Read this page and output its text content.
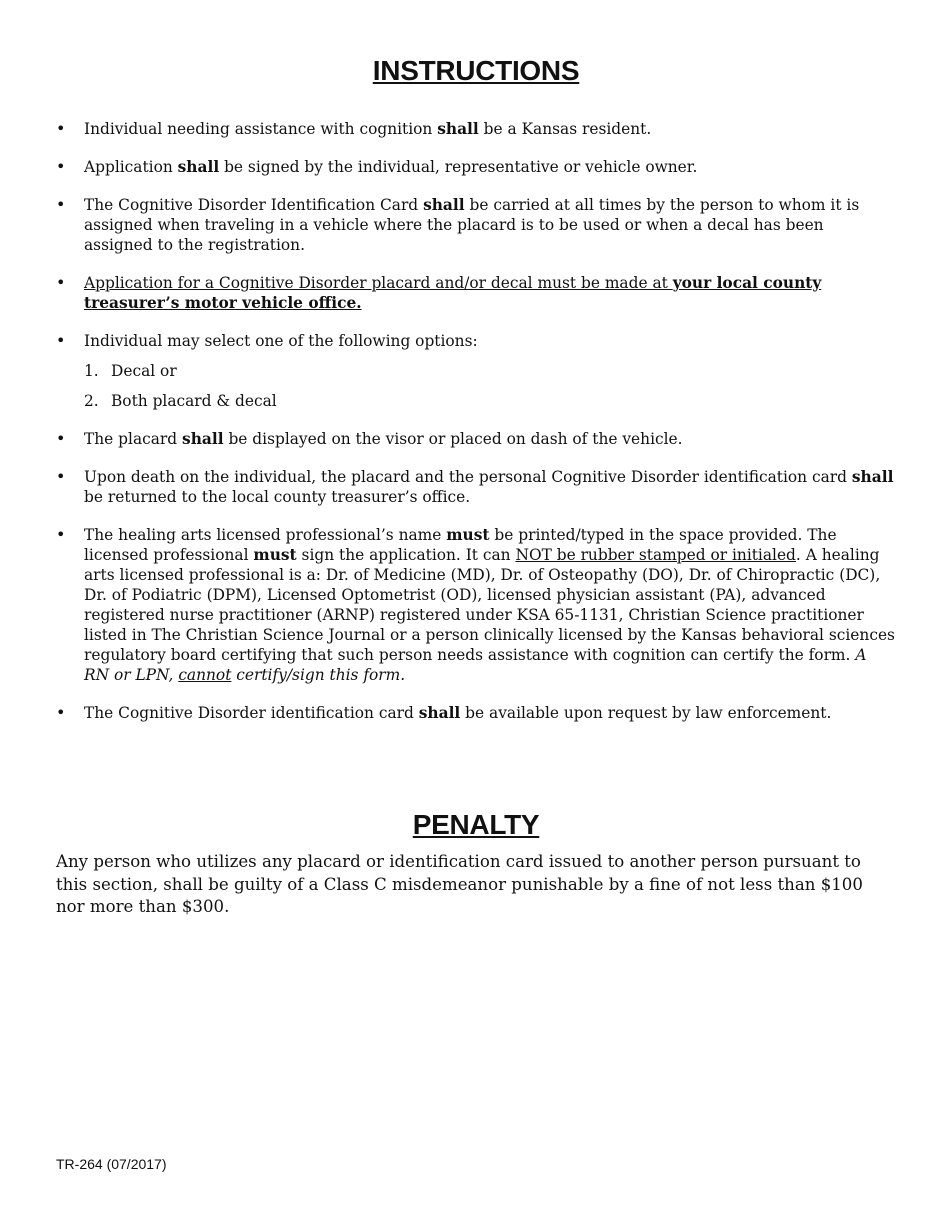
INSTRUCTIONS
• Individual needing assistance with cognition shall be a Kansas resident.
• Application shall be signed by the individual, representative or vehicle owner.
• The Cognitive Disorder Identification Card shall be carried at all times by the person to whom it is assigned when traveling in a vehicle where the placard is to be used or when a decal has been assigned to the registration.
• Application for a Cognitive Disorder placard and/or decal must be made at your local county treasurer’s motor vehicle office.
• Individual may select one of the following options:
1. Decal or
2. Both placard & decal
• The placard shall be displayed on the visor or placed on dash of the vehicle.
• Upon death on the individual, the placard and the personal Cognitive Disorder identification card shall be returned to the local county treasurer’s office.
• The healing arts licensed professional’s name must be printed/typed in the space provided. The licensed professional must sign the application. It can NOT be rubber stamped or initialed. A healing arts licensed professional is a: Dr. of Medicine (MD), Dr. of Osteopathy (DO), Dr. of Chiropractic (DC), Dr. of Podiatric (DPM), Licensed Optometrist (OD), licensed physician assistant (PA), advanced registered nurse practitioner (ARNP) registered under KSA 65-1131, Christian Science practitioner listed in The Christian Science Journal or a person clinically licensed by the Kansas behavioral sciences regulatory board certifying that such person needs assistance with cognition can certify the form. A RN or LPN, cannot certify/sign this form.
• The Cognitive Disorder identification card shall be available upon request by law enforcement.
PENALTY

Any person who utilizes any placard or identification card issued to another person pursuant to this section, shall be guilty of a Class C misdemeanor punishable by a fine of not less than $100 nor more than $300.

TR-264 (07/2017)
